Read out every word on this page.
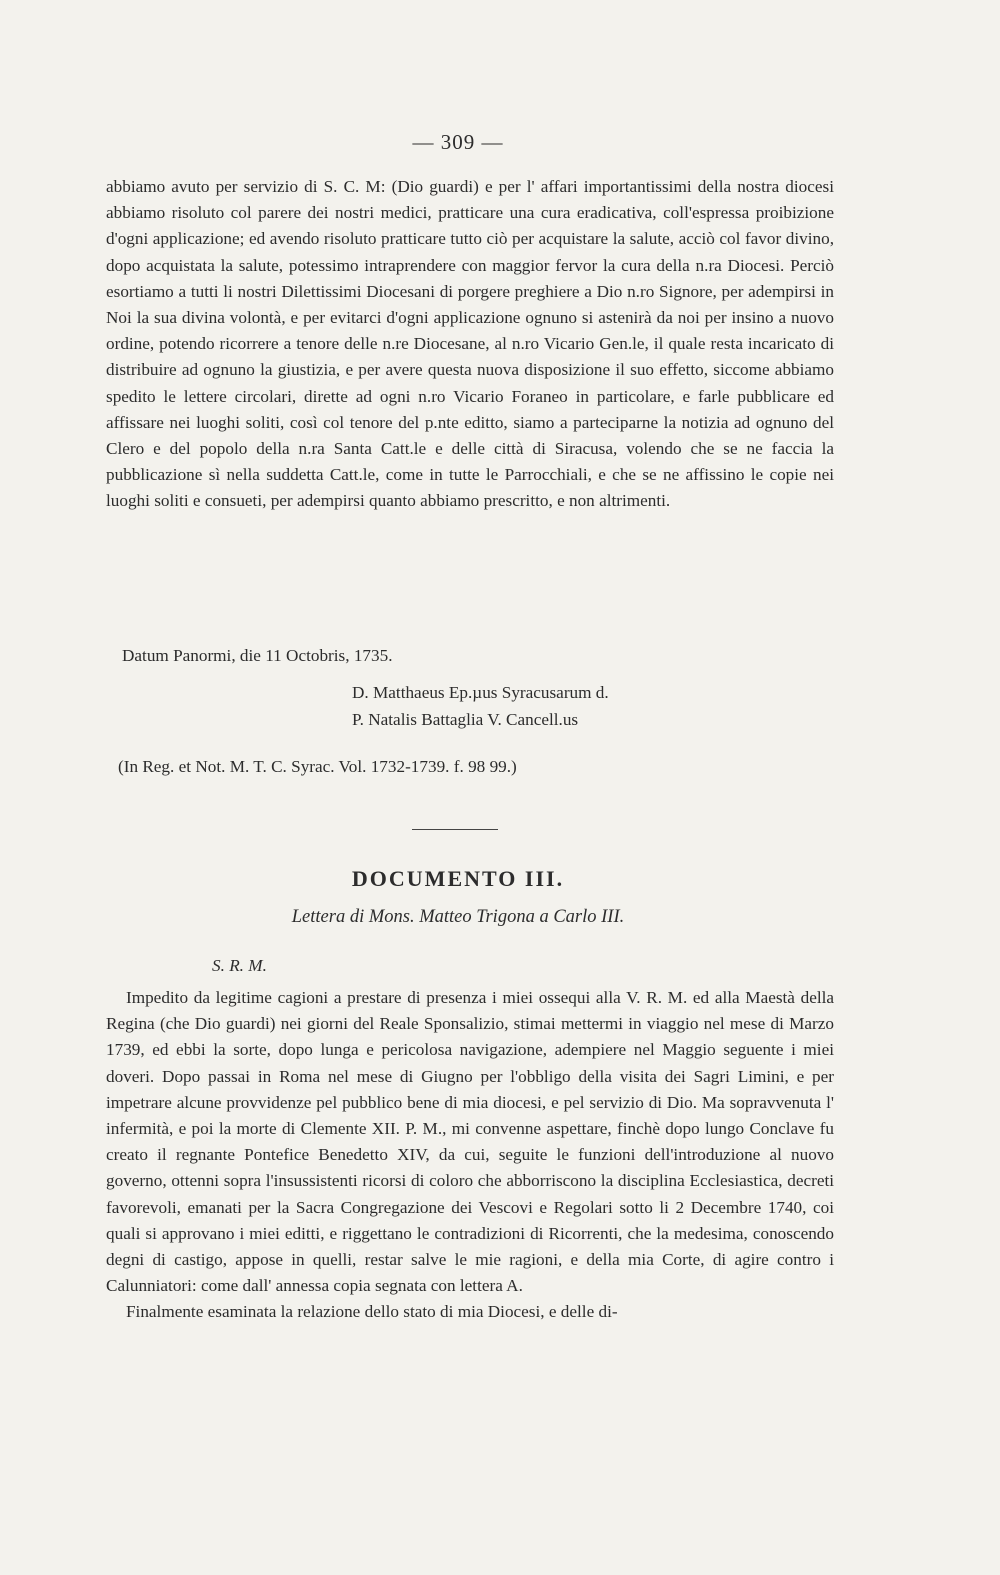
— 309 —

abbiamo avuto per servizio di S. C. M: (Dio guardi) e per l' affari importantissimi della nostra diocesi abbiamo risoluto col parere dei nostri medici, pratticare una cura eradicativa, coll'espressa proibizione d'ogni applicazione; ed avendo risoluto pratticare tutto ciò per acquistare la salute, acciò col favor divino, dopo acquistata la salute, potessimo intraprendere con maggior fervor la cura della n.ra Diocesi. Perciò esortiamo a tutti li nostri Dilettissimi Diocesani di porgere preghiere a Dio n.ro Signore, per adempirsi in Noi la sua divina volontà, e per evitarci d'ogni applicazione ognuno si astenirà da noi per insino a nuovo ordine, potendo ricorrere a tenore delle n.re Diocesane, al n.ro Vicario Gen.le, il quale resta incaricato di distribuire ad ognuno la giustizia, e per avere questa nuova disposizione il suo effetto, siccome abbiamo spedito le lettere circolari, dirette ad ogni n.ro Vicario Foraneo in particolare, e farle pubblicare ed affissare nei luoghi soliti, così col tenore del p.nte editto, siamo a parteciparne la notizia ad ognuno del Clero e del popolo della n.ra Santa Catt.le e delle città di Siracusa, volendo che se ne faccia la pubblicazione sì nella suddetta Catt.le, come in tutte le Parrocchiali, e che se ne affissino le copie nei luoghi soliti e consueti, per adempirsi quanto abbiamo prescritto, e non altrimenti.

Datum Panormi, die 11 Octobris, 1735.
D. Matthaeus Ep.µus Syracusarum d.
P. Natalis Battaglia V. Cancell.us
(In Reg. et Not. M. T. C. Syrac. Vol. 1732-1739. f. 98 99.)
DOCUMENTO III.
Lettera di Mons. Matteo Trigona a Carlo III.
S. R. M.

Impedito da legitime cagioni a prestare di presenza i miei ossequi alla V. R. M. ed alla Maestà della Regina (che Dio guardi) nei giorni del Reale Sponsalizio, stimai mettermi in viaggio nel mese di Marzo 1739, ed ebbi la sorte, dopo lunga e pericolosa navigazione, adempiere nel Maggio seguente i miei doveri. Dopo passai in Roma nel mese di Giugno per l'obbligo della visita dei Sagri Limini, e per impetrare alcune provvidenze pel pubblico bene di mia diocesi, e pel servizio di Dio. Ma sopravvenuta l' infermità, e poi la morte di Clemente XII. P. M., mi convenne aspettare, finchè dopo lungo Conclave fu creato il regnante Pontefice Benedetto XIV, da cui, seguite le funzioni dell'introduzione al nuovo governo, ottenni sopra l'insussistenti ricorsi di coloro che abborriscono la disciplina Ecclesiastica, decreti favorevoli, emanati per la Sacra Congregazione dei Vescovi e Regolari sotto li 2 Decembre 1740, coi quali si approvano i miei editti, e riggettano le contradizioni di Ricorrenti, che la medesima, conoscendo degni di castigo, appose in quelli, restar salve le mie ragioni, e della mia Corte, di agire contro i Calunniatori: come dall' annessa copia segnata con lettera A.

Finalmente esaminata la relazione dello stato di mia Diocesi, e delle di-
